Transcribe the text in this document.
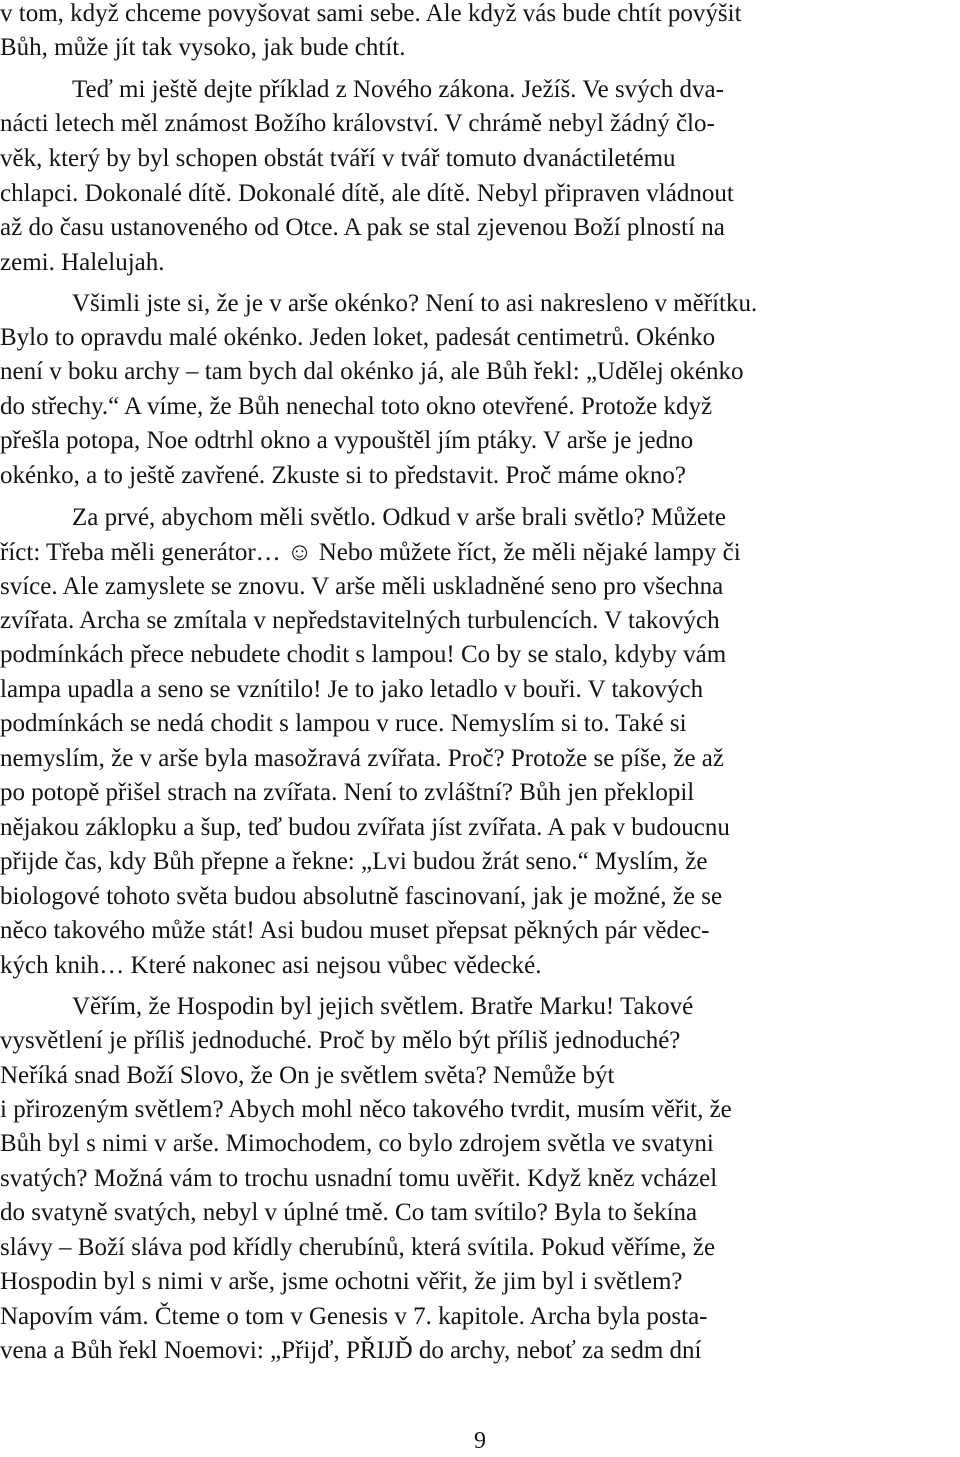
v tom, když chceme povyšovat sami sebe. Ale když vás bude chtít povýšit

Bůh, může jít tak vysoko, jak bude chtít.

Teď mi ještě dejte příklad z Nového zákona. Ježíš. Ve svých dva-

nácti letech měl známost Božího království. V chrámě nebyl žádný člo-

věk, který by byl schopen obstát tváří v tvář tomuto dvanáctiletému

chlapci. Dokonalé dítě. Dokonalé dítě, ale dítě. Nebyl připraven vládnout

až do času ustanoveného od Otce. A pak se stal zjevenou Boží plností na

zemi. Halelujah.

Všimli jste si, že je v arše okénko? Není to asi nakresleno v měřítku.

Bylo to opravdu malé okénko. Jeden loket, padesát centimetrů. Okénko

není v boku archy – tam bych dal okénko já, ale Bůh řekl: „Udělej okénko

do střechy.“ A víme, že Bůh nenechal toto okno otevřené. Protože když

přešla potopa, Noe odtrhl okno a vypouštěl jím ptáky. V arše je jedno

okénko, a to ještě zavřené. Zkuste si to představit. Proč máme okno?

Za prvé, abychom měli světlo. Odkud v arše brali světlo? Můžete

říct: Třeba měli generátor… ☺ Nebo můžete říct, že měli nějaké lampy či

svíce. Ale zamyslete se znovu. V arše měli uskladněné seno pro všechna

zvířata. Archa se zmítala v nepředstavitelných turbulencích. V takových

podmínkách přece nebudete chodit s lampou! Co by se stalo, kdyby vám

lampa upadla a seno se vznítilo! Je to jako letadlo v bouři. V takových

podmínkách se nedá chodit s lampou v ruce. Nemyslím si to. Také si

nemyslím, že v arše byla masožravá zvířata. Proč? Protože se píše, že až

po potopě přišel strach na zvířata. Není to zvláštní? Bůh jen překlopil

nějakou záklopku a šup, teď budou zvířata jíst zvířata. A pak v budoucnu

přijde čas, kdy Bůh přepne a řekne: „Lvi budou žrát seno.“ Myslím, že

biologové tohoto světa budou absolutně fascinovaní, jak je možné, že se

něco takového může stát! Asi budou muset přepsat pěkných pár vědec-

kých knih… Které nakonec asi nejsou vůbec vědecké.

Věřím, že Hospodin byl jejich světlem. Bratře Marku! Takové

vysvětlení je příliš jednoduché. Proč by mělo být příliš jednoduché?

Neříká snad Boží Slovo, že On je světlem světa? Nemůže být

i přirozeným světlem? Abych mohl něco takového tvrdit, musím věřit, že

Bůh byl s nimi v arše. Mimochodem, co bylo zdrojem světla ve svatyni

svatých? Možná vám to trochu usnadní tomu uvěřit. Když kněz vcházel

do svatyně svatých, nebyl v úplné tmě. Co tam svítilo? Byla to šekína

slávy – Boží sláva pod křídly cherubínů, která svítila. Pokud věříme, že

Hospodin byl s nimi v arše, jsme ochotni věřit, že jim byl i světlem?

Napovím vám. Čteme o tom v Genesis v 7. kapitole. Archa byla posta-

vena a Bůh řekl Noemovi: „Přijď, PŘIJĎ do archy, neboť za sedm dní

9
